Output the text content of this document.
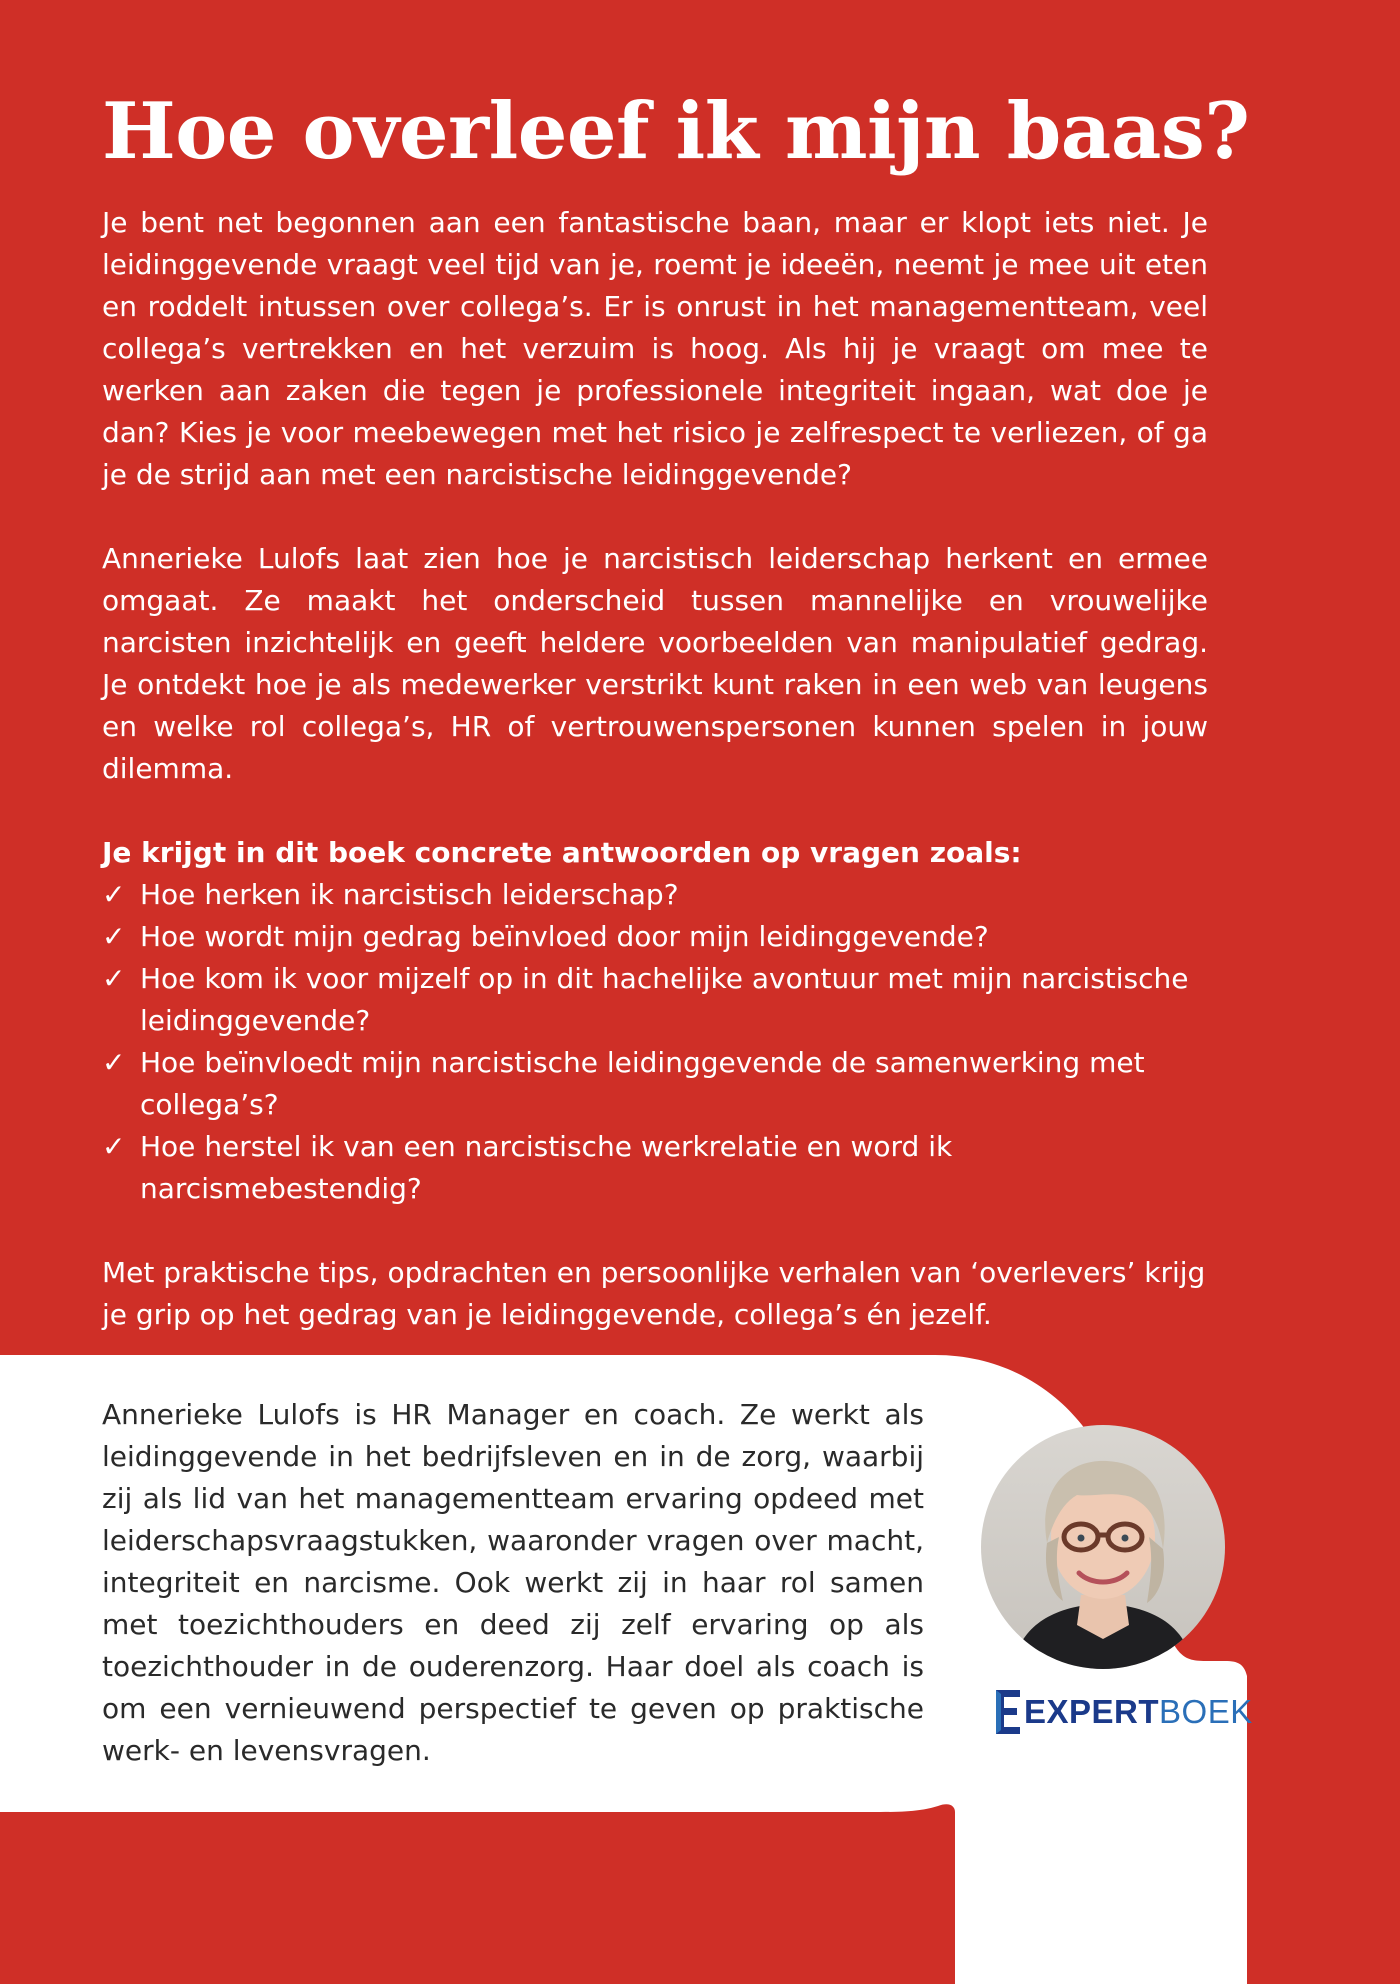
Hoe overleef ik mijn baas?

Je bent net begonnen aan een fantastische baan, maar er klopt iets niet. Je leidinggevende vraagt veel tijd van je, roemt je ideeën, neemt je mee uit eten en roddelt intussen over collega’s. Er is onrust in het managementteam, veel collega’s vertrekken en het verzuim is hoog. Als hij je vraagt om mee te werken aan zaken die tegen je professionele integriteit ingaan, wat doe je dan? Kies je voor meebewegen met het risico je zelfrespect te verliezen, of ga je de strijd aan met een narcistische leidinggevende?

Annerieke Lulofs laat zien hoe je narcistisch leiderschap herkent en ermee omgaat. Ze maakt het onderscheid tussen mannelijke en vrouwelijke narcisten inzichtelijk en geeft heldere voorbeelden van manipulatief gedrag. Je ontdekt hoe je als medewerker verstrikt kunt raken in een web van leugens en welke rol collega’s, HR of vertrouwenspersonen kunnen spelen in jouw dilemma.

Je krijgt in dit boek concrete antwoorden op vragen zoals:
✓ Hoe herken ik narcistisch leiderschap?
✓ Hoe wordt mijn gedrag beïnvloed door mijn leidinggevende?
✓ Hoe kom ik voor mijzelf op in dit hachelijke avontuur met mijn narcistische leidinggevende?
✓ Hoe beïnvloedt mijn narcistische leidinggevende de samenwerking met collega’s?
✓ Hoe herstel ik van een narcistische werkrelatie en word ik narcismebestendig?

Met praktische tips, opdrachten en persoonlijke verhalen van ‘overlevers’ krijg je grip op het gedrag van je leidinggevende, collega’s én jezelf.

Annerieke Lulofs is HR Manager en coach. Ze werkt als leidinggevende in het bedrijfsleven en in de zorg, waarbij zij als lid van het managementteam ervaring opdeed met leiderschapsvraagstukken, waaronder vragen over macht, integriteit en narcisme. Ook werkt zij in haar rol samen met toezichthouders en deed zij zelf ervaring op als toezichthouder in de ouderenzorg. Haar doel als coach is om een vernieuwend perspectief te geven op praktische werk- en levensvragen.

EXPERT BOEK
